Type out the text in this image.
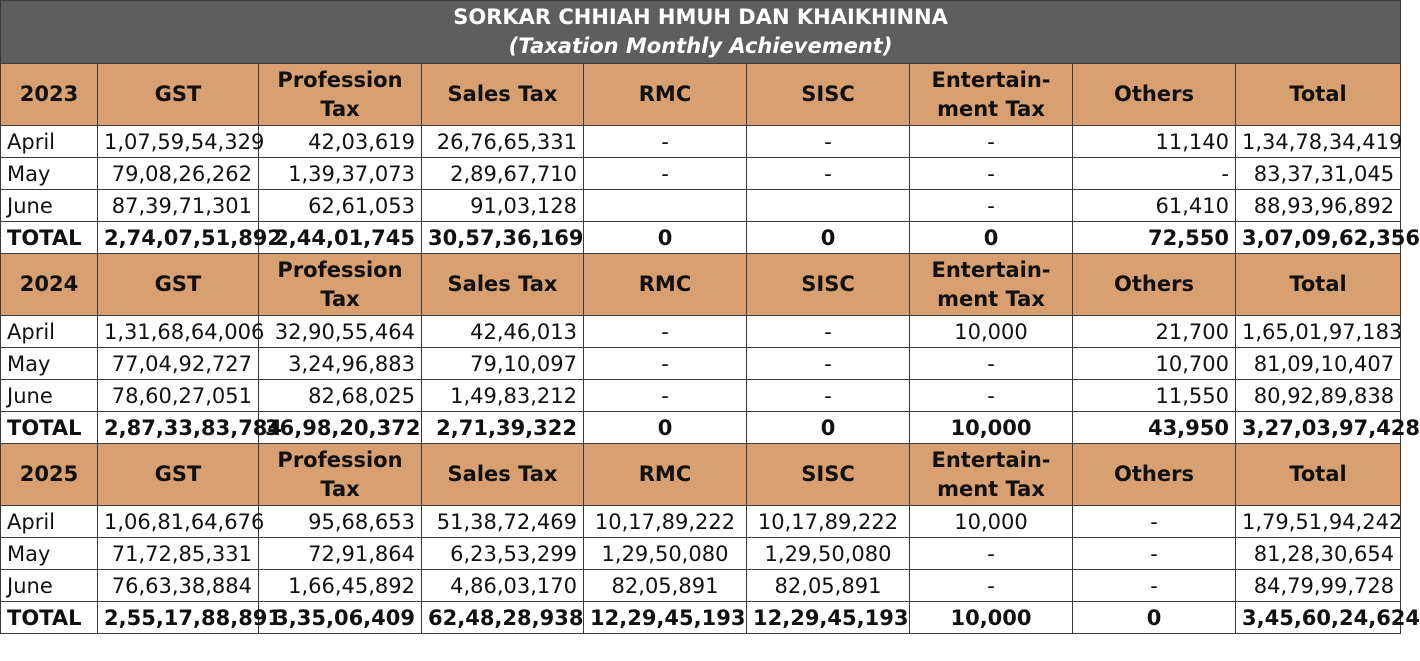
SORKAR CHHIAH HMUH DAN KHAIKHINNA
(Taxation Monthly Achievement)								

2023	GST	Profession Tax	Sales Tax	RMC	SISC	Entertain-ment Tax	Others	Total
April	1,07,59,54,329	42,03,619	26,76,65,331	-	-	-	11,140	1,34,78,34,419
May	79,08,26,262	1,39,37,073	2,89,67,710	-	-	-	-	83,37,31,045
June	87,39,71,301	62,61,053	91,03,128			-	61,410	88,93,96,892
TOTAL	2,74,07,51,892	2,44,01,745	30,57,36,169	0	0	0	72,550	3,07,09,62,356
2024	GST	Profession Tax	Sales Tax	RMC	SISC	Entertain-ment Tax	Others	Total
April	1,31,68,64,006	32,90,55,464	42,46,013	-	-	10,000	21,700	1,65,01,97,183
May	77,04,92,727	3,24,96,883	79,10,097	-	-	-	10,700	81,09,10,407
June	78,60,27,051	82,68,025	1,49,83,212	-	-	-	11,550	80,92,89,838
TOTAL	2,87,33,83,784	36,98,20,372	2,71,39,322	0	0	10,000	43,950	3,27,03,97,428
2025	GST	Profession Tax	Sales Tax	RMC	SISC	Entertain-ment Tax	Others	Total
April	1,06,81,64,676	95,68,653	51,38,72,469	10,17,89,222	10,17,89,222	10,000	-	1,79,51,94,242
May	71,72,85,331	72,91,864	6,23,53,299	1,29,50,080	1,29,50,080	-	-	81,28,30,654
June	76,63,38,884	1,66,45,892	4,86,03,170	82,05,891	82,05,891	-	-	84,79,99,728
TOTAL	2,55,17,88,891	3,35,06,409	62,48,28,938	12,29,45,193	12,29,45,193	10,000	0	3,45,60,24,624
